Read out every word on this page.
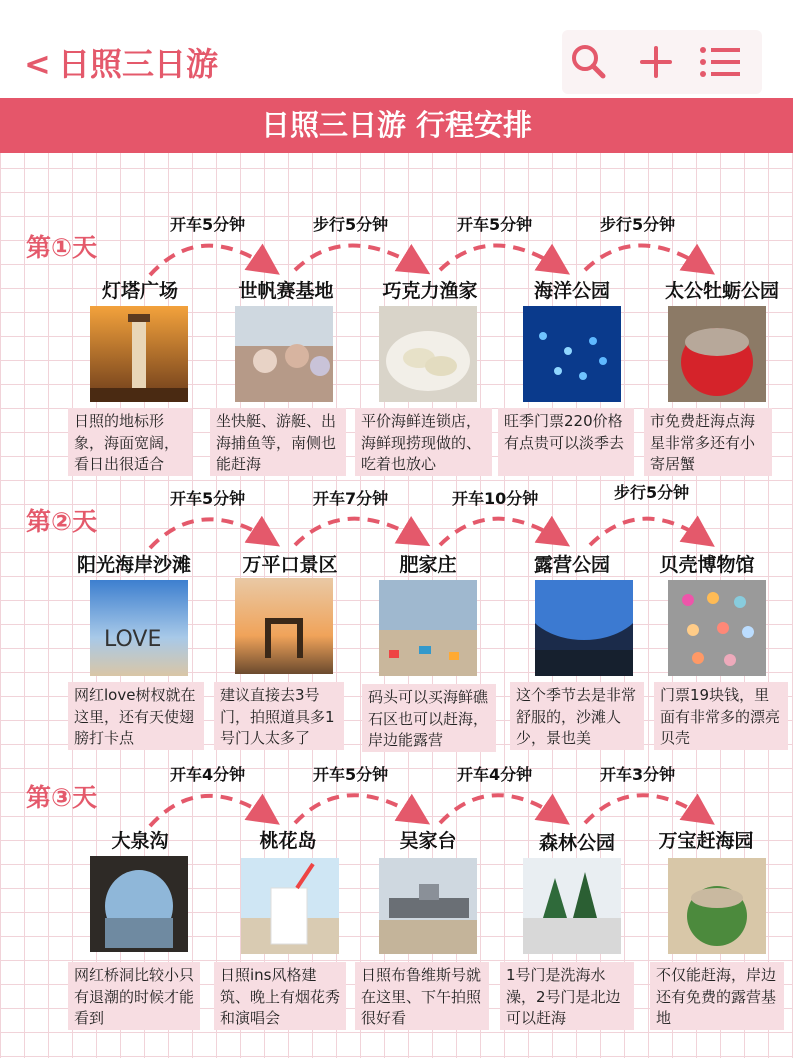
< 日照三日游
日照三日游 行程安排
第①天
开车5分钟	步行5分钟	开车5分钟	步行5分钟
灯塔广场	世帆赛基地	巧克力渔家	海洋公园	太公牡蛎公园
日照的地标形象，海面宽阔，看日出很适合
坐快艇、游艇、出海捕鱼等，南侧也能赶海
平价海鲜连锁店，海鲜现捞现做的、吃着也放心
旺季门票220价格有点贵可以淡季去
市免费赶海点海星非常多还有小寄居蟹
第②天
开车5分钟	开车7分钟	开车10分钟	步行5分钟
阳光海岸沙滩	万平口景区	肥家庄	露营公园	贝壳博物馆
LOVE
网红love树杈就在这里，还有天使翅膀打卡点
建议直接去3号门，拍照道具多1号门人太多了
码头可以买海鲜礁石区也可以赶海，岸边能露营
这个季节去是非常舒服的，沙滩人少，景也美
门票19块钱，里面有非常多的漂亮贝壳
第③天
开车4分钟	开车5分钟	开车4分钟	开车3分钟
大泉沟	桃花岛	吴家台	森林公园	万宝赶海园
网红桥洞比较小只有退潮的时候才能看到
日照ins风格建筑、晚上有烟花秀和演唱会
日照布鲁维斯号就在这里、下午拍照很好看
1号门是洗海水澡，2号门是北边可以赶海
不仅能赶海，岸边还有免费的露营基地
